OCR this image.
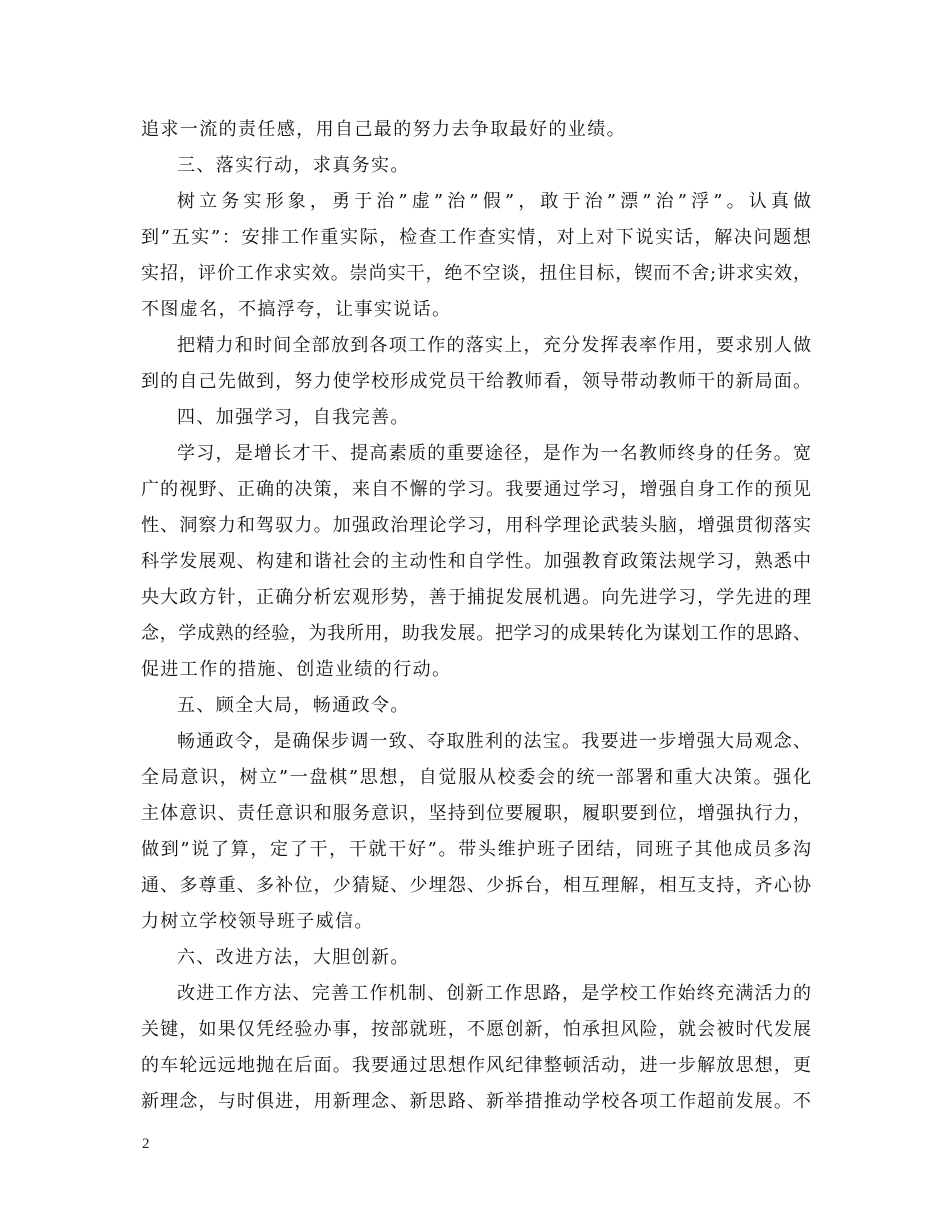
追求一流的责任感，用自己最的努力去争取最好的业绩。
三、落实行动，求真务实。
树立务实形象，勇于治”虚”治”假”，敢于治”漂”治”浮”。认真做
到”五实”：安排工作重实际，检查工作查实情，对上对下说实话，解决问题想
实招，评价工作求实效。崇尚实干，绝不空谈，扭住目标，锲而不舍;讲求实效，
不图虚名，不搞浮夸，让事实说话。
把精力和时间全部放到各项工作的落实上，充分发挥表率作用，要求别人做
到的自己先做到，努力使学校形成党员干给教师看，领导带动教师干的新局面。
四、加强学习，自我完善。
学习，是增长才干、提高素质的重要途径，是作为一名教师终身的任务。宽
广的视野、正确的决策，来自不懈的学习。我要通过学习，增强自身工作的预见
性、洞察力和驾驭力。加强政治理论学习，用科学理论武装头脑，增强贯彻落实
科学发展观、构建和谐社会的主动性和自学性。加强教育政策法规学习，熟悉中
央大政方针，正确分析宏观形势，善于捕捉发展机遇。向先进学习，学先进的理
念，学成熟的经验，为我所用，助我发展。把学习的成果转化为谋划工作的思路、
促进工作的措施、创造业绩的行动。
五、顾全大局，畅通政令。
畅通政令，是确保步调一致、夺取胜利的法宝。我要进一步增强大局观念、
全局意识，树立”一盘棋”思想，自觉服从校委会的统一部署和重大决策。强化
主体意识、责任意识和服务意识，坚持到位要履职，履职要到位，增强执行力，
做到”说了算，定了干，干就干好”。带头维护班子团结，同班子其他成员多沟
通、多尊重、多补位，少猜疑、少埋怨、少拆台，相互理解，相互支持，齐心协
力树立学校领导班子威信。
六、改进方法，大胆创新。
改进工作方法、完善工作机制、创新工作思路，是学校工作始终充满活力的
关键，如果仅凭经验办事，按部就班，不愿创新，怕承担风险，就会被时代发展
的车轮远远地抛在后面。我要通过思想作风纪律整顿活动，进一步解放思想，更
新理念，与时俱进，用新理念、新思路、新举措推动学校各项工作超前发展。不
2
